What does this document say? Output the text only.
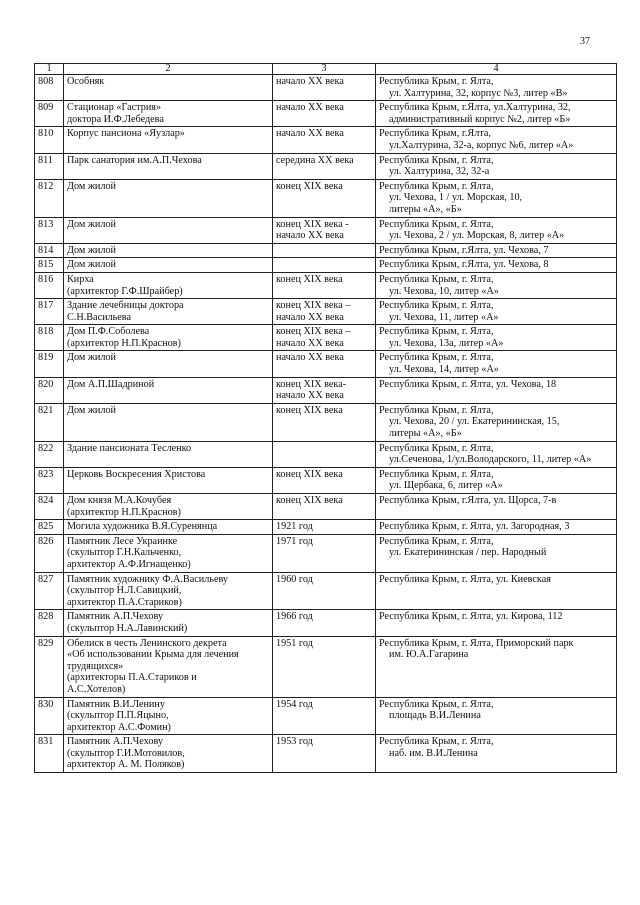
37
1	2	3	4
808	Особняк	начало XX века	Республика Крым, г. Ялта,
ул. Халтурина, 32, корпус №3, литер «В»

809	Стационар «Гастрия»
доктора И.Ф.Лебедева	начало XX века	Республика Крым, г.Ялта, ул.Халтурина, 32,
административный корпус №2, литер «Б»

810	Корпус пансиона «Яузлар»	начало XX века	Республика Крым, г.Ялта,
ул.Халтурина, 32-а, корпус №6, литер «А»

811	Парк санатория им.А.П.Чехова	середина XX века	Республика Крым, г. Ялта,
ул. Халтурина, 32, 32-а

812	Дом жилой	конец XIX века	Республика Крым, г. Ялта,
ул. Чехова, 1 / ул. Морская, 10,
литеры «А», «Б»

813	Дом жилой	конец XIX века -
начало XX века	Республика Крым, г. Ялта,
ул. Чехова, 2 / ул. Морская, 8, литер «А»

814	Дом жилой		Республика Крым, г.Ялта, ул. Чехова, 7

815	Дом жилой		Республика Крым, г.Ялта, ул. Чехова, 8

816	Кирха
(архитектор Г.Ф.Шрайбер)	конец XIX века	Республика Крым, г. Ялта,
ул. Чехова, 10, литер «А»

817	Здание лечебницы доктора
С.Н.Васильева	конец XIX века –
начало XX века	Республика Крым, г. Ялта,
ул. Чехова, 11, литер «А»

818	Дом П.Ф.Соболева
(архитектор Н.П.Краснов)	конец XIX века –
начало XX века	Республика Крым, г. Ялта,
ул. Чехова, 13а, литер «А»

819	Дом жилой	начало XX века	Республика Крым, г. Ялта,
ул. Чехова, 14, литер «А»

820	Дом А.П.Шадриной	конец XIX века-
начало XX века	Республика Крым, г. Ялта, ул. Чехова, 18

821	Дом жилой	конец XIX века	Республика Крым, г. Ялта,
ул. Чехова, 20 / ул. Екатерининская, 15,
литеры «А», «Б»

822	Здание пансионата Тесленко		Республика Крым, г. Ялта,
ул.Сеченова, 1/ул.Володарского, 11, литер «А»

823	Церковь Воскресения Христова	конец XIX века	Республика Крым, г. Ялта,
ул. Щербака, 6, литер «А»

824	Дом князя М.А.Кочубея
(архитектор Н.П.Краснов)	конец XIX века	Республика Крым, г.Ялта, ул. Щорса, 7-в

825	Могила художника В.Я.Суренянца	1921 год	Республика Крым, г. Ялта, ул. Загородная, 3

826	Памятник Лесе Украинке
(скульптор Г.Н.Кальченко,
архитектор А.Ф.Игнащенко)	1971 год	Республика Крым, г. Ялта,
ул. Екатерининская / пер. Народный

827	Памятник художнику Ф.А.Васильеву
(скульптор Н.Л.Савицкий,
архитектор П.А.Стариков)	1960 год	Республика Крым, г. Ялта, ул. Киевская

828	Памятник А.П.Чехову
(скульптор Н.А.Лавинский)	1966 год	Республика Крым, г. Ялта, ул. Кирова, 112

829	Обелиск в честь Ленинского декрета
«Об использовании Крыма для лечения
трудящихся»
(архитекторы П.А.Стариков и
А.С.Хотелов)	1951 год	Республика Крым, г. Ялта, Приморский парк
им. Ю.А.Гагарина

830	Памятник В.И.Ленину
(скульптор П.П.Яцыно,
архитектор А.С.Фомин)	1954 год	Республика Крым, г. Ялта,
площадь В.И.Ленина

831	Памятник А.П.Чехову
(скульптор Г.И.Мотовилов,
архитектор А. М. Поляков)	1953 год	Республика Крым, г. Ялта,
наб. им. В.И.Ленина
